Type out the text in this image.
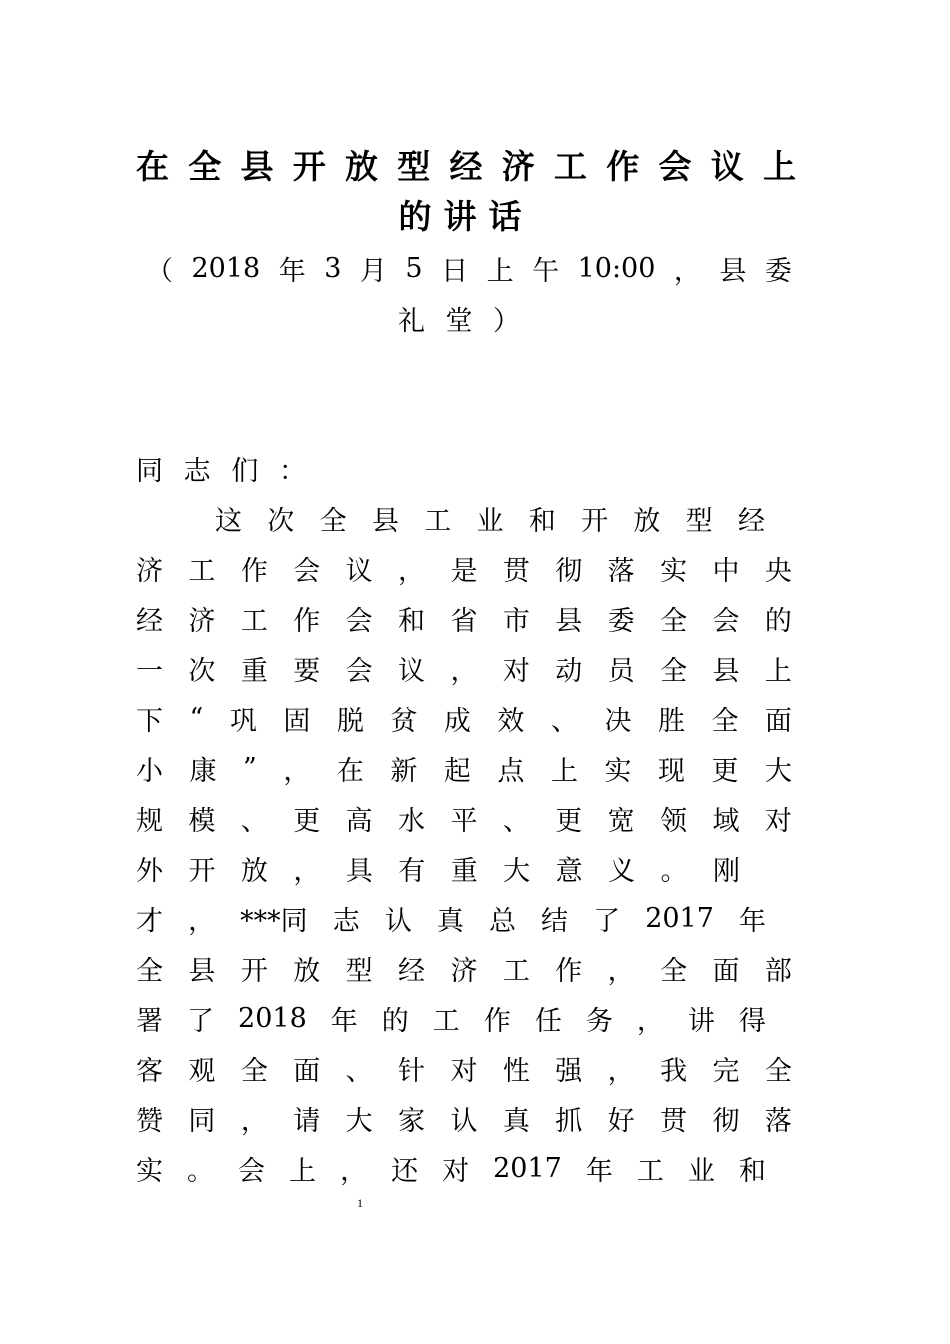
在 全 县 开 放 型 经 济 工 作 会 议 上
的讲话
（ 2018 年 3 月 5 日 上 午 10:00 ， 县 委
礼 堂 ）
同 志 们 ：
这 次 全 县 工 业 和 开 放 型 经
济 工 作 会 议 ， 是 贯 彻 落 实 中 央
经 济 工 作 会 和 省 市 县 委 全 会 的
一 次 重 要 会 议 ， 对 动 员 全 县 上
下 “ 巩 固 脱 贫 成 效 、 决 胜 全 面
小 康 ” ， 在 新 起 点 上 实 现 更 大
规 模 、 更 高 水 平 、 更 宽 领 域 对
外 开 放 ， 具 有 重 大 意 义 。 刚
才 ， ***同 志 认 真 总 结 了 2017 年
全 县 开 放 型 经 济 工 作 ， 全 面 部
署 了 2018 年 的 工 作 任 务 ， 讲 得
客 观 全 面 、 针 对 性 强 ， 我 完 全
赞 同 ， 请 大 家 认 真 抓 好 贯 彻 落
实 。 会 上 ， 还 对 2017 年 工 业 和
1
